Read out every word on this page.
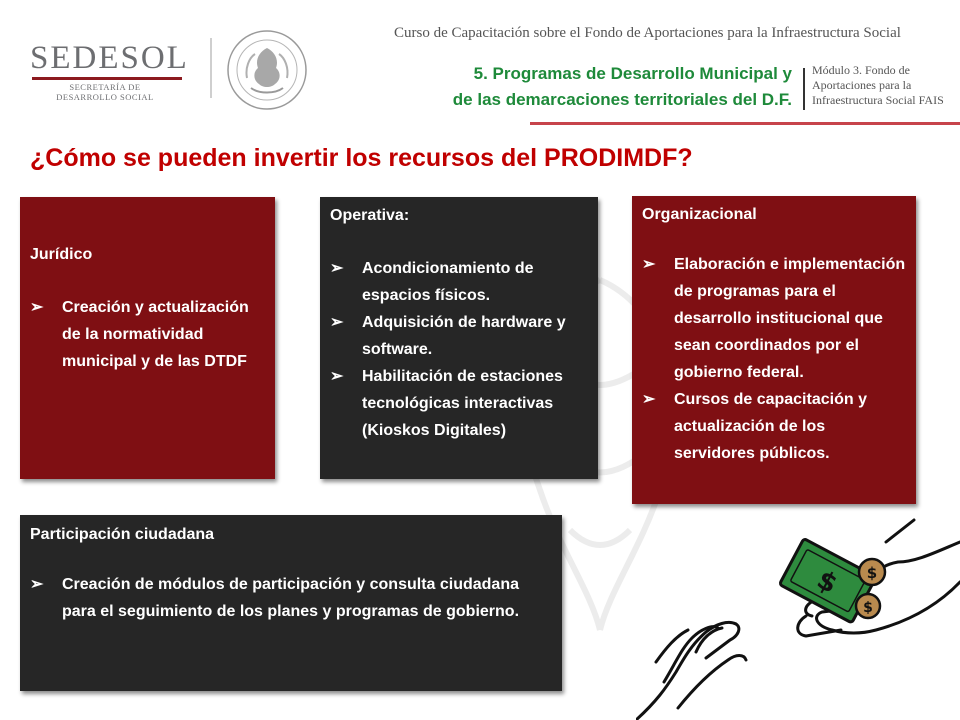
SEDESOL
SECRETARÍA DE
DESARROLLO SOCIAL
Curso de Capacitación sobre el Fondo de Aportaciones para la Infraestructura Social
5. Programas de Desarrollo Municipal y
de las demarcaciones territoriales del D.F.
Módulo 3. Fondo de
Aportaciones para la
Infraestructura Social FAIS
¿Cómo se pueden invertir los recursos del PRODIMDF?
Jurídico
➢ Creación y actualización de la normatividad municipal y de las DTDF
Operativa:
➢ Acondicionamiento de espacios físicos.
➢ Adquisición de hardware y software.
➢ Habilitación de estaciones tecnológicas interactivas (Kioskos Digitales)
Organizacional
➢ Elaboración e implementación de programas para el desarrollo institucional que sean coordinados por el gobierno federal.
➢ Cursos de capacitación y actualización de los servidores públicos.
Participación ciudadana
➢ Creación de módulos de participación y consulta ciudadana para el seguimiento de los planes y programas de gobierno.
$ $
$
